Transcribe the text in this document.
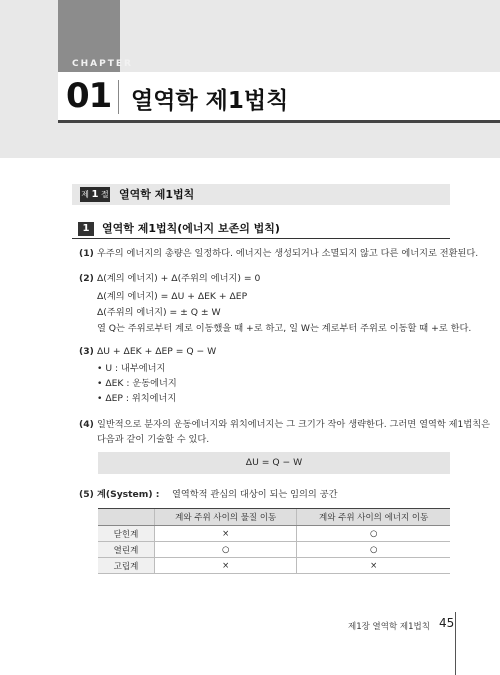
CHAPTER
01 열역학 제1법칙
제 1 절 열역학 제1법칙
1	열역학 제1법칙(에너지 보존의 법칙)
(1) 우주의 에너지의 총량은 일정하다. 에너지는 생성되거나 소멸되지 않고 다른 에너지로 전환된다.
(2) Δ(계의 에너지) + Δ(주위의 에너지) = 0
Δ(계의 에너지) = ΔU + ΔEK + ΔEP
Δ(주위의 에너지) = ± Q ± W
열 Q는 주위로부터 계로 이동했을 때 +로 하고, 일 W는 계로부터 주위로 이동할 때 +로 한다.
(3) ΔU + ΔEK + ΔEP = Q − W
• U : 내부에너지
• ΔEK : 운동에너지
• ΔEP : 위치에너지
(4) 일반적으로 분자의 운동에너지와 위치에너지는 그 크기가 작아 생략한다. 그러면 열역학 제1법칙은
다음과 같이 기술할 수 있다.
ΔU = Q − W
(5) 계(System) : 열역학적 관심의 대상이 되는 임의의 공간
	계와 주위 사이의 물질 이동	계와 주위 사이의 에너지 이동
닫힌계	×	○
열린계	○	○
고립계	×	×
제1장 열역학 제1법칙 45
